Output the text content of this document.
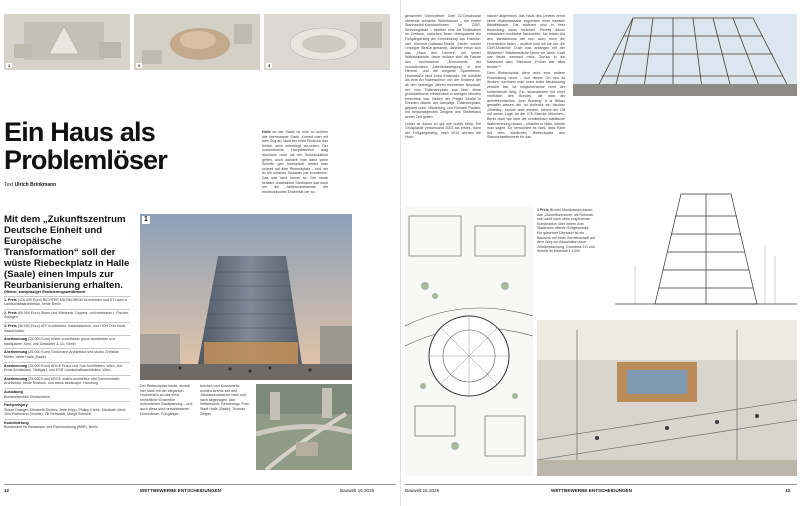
1	2	3
Ein Haus als Problemlöser
Text Ulrich Brinkmann

Halle an der Saale ist eine so schöne wie interessante Stadt. Kommt man mit dem Zug an, lässt der erste Eindruck das freilich nicht unbedingt vermuten. Der modernisierte Hauptbahnhof mag durchaus noch als ein Schmuckstück gelten, doch wandelt man dann seine Schritte gen Innenstadt, landet man schnell auf dem Riebeckplatz – und der ist ein urbanes Desaster par excellence. Das war nicht immer so: Der heute seltsam unattraktive Stadtraum war noch um die Jahrhundertwende ein eindrucksvolles Ensemble der so-

Mit dem „Zukunftszentrum Deutsche Einheit und Europäische Transformation“ soll der wüste Riebeckplatz in Halle (Saale) einen Impuls zur Reurbanisierung erhalten.
Offener, zweiphasiger Realisierungswettbewerb
1. Preis (126.000 Euro) RICHTER MUSIKOWSKI Architekten und ST raum a. Landschaftsarchitektur, beide Berlin
2. Preis (80.000 Euro) Sturm und Wartzeck, Dipperz, und werkraum f. Fischer, Solingen
3. Preis (56.000 Euro) AFF Architekten, Kaiserslautern, und HOH Dürr Kirstl, Saarbrücken
Anerkennung (25.000 Euro) Kister scheithauer gross architekten und stadtplaner, Köln, und Geskötter & Co, Berlin
Anerkennung (25.000 Euro) Großmann Architektur und studio Christian Müller, beide Halle (Saale)
Anerkennung (25.000 Euro) ARGE Franz und Sue Architekten, Wien, Hof Ernst Architekten, Stuttgart, und EGR Landschaftsarchitektur, Wien
Anerkennung (25.000 Euro) ARGE maths architektur und Sonnenstaller Architektur, beide Rostock, und arbos landscape, Hamburg
Auslobung
Bundesrepublik Deutschland
Fachpreisjury
Susan Draeger, Elisabeth Endres, Jette Hopp, Philipp Krebs, Elisabeth Merk, Jörn Rathmann (Vorsitz), Till Rehwaldt, Margit Schmidt
Koordinierung
Bundesamt für Bauwesen und Raumordnung (BBR), Berlin
1
Der Riebeckplatz heute, einmal hier stark mit der eleganten Hochstraße an das einst einheitliche Ensemble ostmoderner Stadtplanung – und auch diese sind verschiedenen Hochhäuser. Fußgänger-
brücken und Kunstwerke wurden bereits seit den Jahrtausendwende nach und nach abgetragen. Abb. Wettbewerb: Renderings; Foto: Stadt Halle (Saale), Thomas Ziegler
12	WETTBEWERBE ENTSCHEIDUNGEN	Bauwelt 16.2025

genannten Ostmoderne: Zwei 22-Geschosse zählende schlanke Wohnhäuser – die ersten Stahlskelett-Konstruktionen im DDR-Wohnungsbau – bildeten eine Art Torsituation im Zentrum, zwischen ihnen überspannte ein Fußgängersteg die Einmündung von Francke- und Klement-Gottwald-Straße (heute wieder Leipziger Straße genannt), dahinter erhob sich das „Haus des Lehrers“ mit seiner Wabenfassade, davor reckten sich die Fäuste des sechsfachen „Monuments der revolutionären Arbeiterbewegung“ in den Himmel, und die elegante Spannbeton-Hochstraße fand ihren Endpunkt. Sie kündete als eine Art Nabelschnur von der Existenz der ab den sechziger Jahren errichteten Neustadt, der vom Thälmannplatz aus über diese großstädtische Infrastruktur in wenigen Minuten erreichbar war. Neben der Prager Straße in Dresden bildete der damalige Thälmannplatz, geplant unter Mitwirkung von Richard Paulick, ein herausragendes Zeugnis des Städtebaus seiner Zeit gelten.

Leider ist davon so gut wie nichts übrig. Die Großplastik verschwand 2003 als erstes, dann der Fußgängersteg, nach 2010 wurden die Hoch-

häuser abgerissen, das Haus des Lehrers verlor seine Wabenfassade zugunsten einer banalen Bandfassade. Die anderen sind in ihrer Bedeutung kaum beachtet. Rechts davon entstanden modische Neubauten. Als letzter Akt des Vandalismus will nun auch noch die Hochstraße fallen – endlich sind wir sie los, die DDR-Moderne! Doch was anfangen mit der Wüstenei? Städtebauliche Ideen vor allem: Kraft war heute niemand mehr. Zurück in die Kaiserzeit also, Stichwort „Früher war alles besser“?

Dem Riebeckplatz dient wohl eine andere Entwicklung bevor – und diesen Ort neu zu denken, nachdem man seine letzte Neufassung zerstört hat, ist möglicherweise nicht der schlechteste Weg. Ein neuzudenken mit einer Institution des Bundes, die man als architektonisches „Icon Building“ à la Bilbao gestaltet wissen will, ist vielleicht ein bischen „Nineties“, könnte aber zünden, stimmt der Ort mit seiner Lage an der ICE-Strecke München–Berlin doch wie über die unmittelbare städtische Wahrnehmung hinaus – pikanter in Halle, könnte man sagen. So verwundert es nicht, dass Halle mit dem nördlichen Riebeckplatz den Standortwettbewerb für das

1 Preis Richter Musikowski planen das „Zukunftszentrum“ als Rotunde, sich sanft nach oben zuspitzende Konstruktion über einem zum Stadtraum offenen Erdgeschoss. Ein gläserner Überwurf ist ein Bauwerk mit einer Gemeinschaft auf dem Weg zur Assoziation einer Zeltüberdachung. Grundriss EG und Schnitt im Maßstab 1:1500
Bauwelt 16.2025	WETTBEWERBE ENTSCHEIDUNGEN	13
